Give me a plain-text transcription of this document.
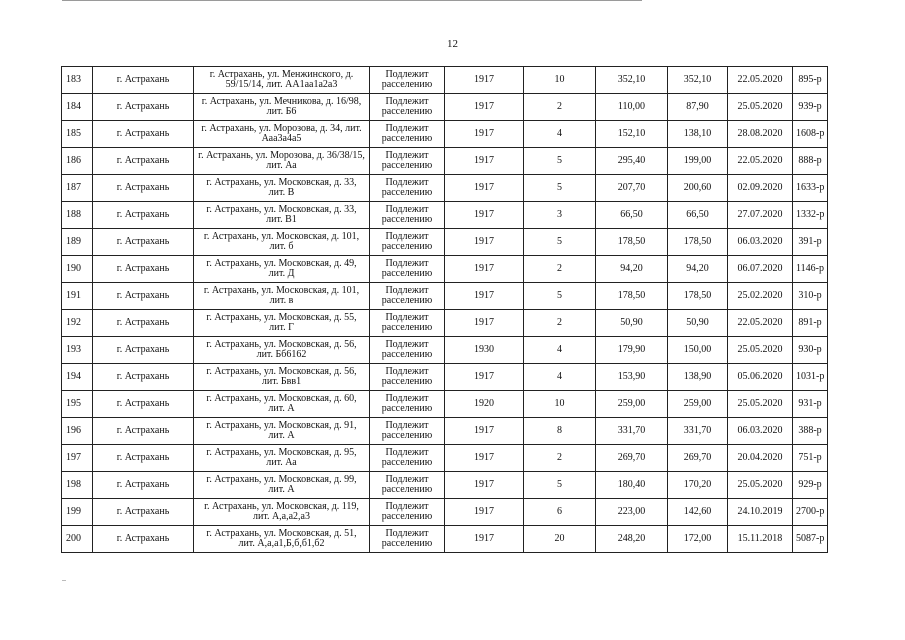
12
183	г. Астрахань	г. Астрахань, ул. Менжинского, д. 59/15/14, лит. АА1аа1а2а3	Подлежит расселению	1917	10	352,10	352,10	22.05.2020	895-р
184	г. Астрахань	г. Астрахань, ул. Мечникова, д. 16/98, лит. Б6	Подлежит расселению	1917	2	110,00	87,90	25.05.2020	939-р
185	г. Астрахань	г. Астрахань, ул. Морозова, д. 34, лит. Ааа3а4а5	Подлежит расселению	1917	4	152,10	138,10	28.08.2020	1608-р
186	г. Астрахань	г. Астрахань, ул. Морозова, д. 36/38/15, лит. Аа	Подлежит расселению	1917	5	295,40	199,00	22.05.2020	888-р
187	г. Астрахань	г. Астрахань, ул. Московская, д. 33, лит. В	Подлежит расселению	1917	5	207,70	200,60	02.09.2020	1633-р
188	г. Астрахань	г. Астрахань, ул. Московская, д. 33, лит. В1	Подлежит расселению	1917	3	66,50	66,50	27.07.2020	1332-р
189	г. Астрахань	г. Астрахань, ул. Московская, д. 101, лит. б	Подлежит расселению	1917	5	178,50	178,50	06.03.2020	391-р
190	г. Астрахань	г. Астрахань, ул. Московская, д. 49, лит. Д	Подлежит расселению	1917	2	94,20	94,20	06.07.2020	1146-р
191	г. Астрахань	г. Астрахань, ул. Московская, д. 101, лит. в	Подлежит расселению	1917	5	178,50	178,50	25.02.2020	310-р
192	г. Астрахань	г. Астрахань, ул. Московская, д. 55, лит. Г	Подлежит расселению	1917	2	50,90	50,90	22.05.2020	891-р
193	г. Астрахань	г. Астрахань, ул. Московская, д. 56, лит. Бб6162	Подлежит расселению	1930	4	179,90	150,00	25.05.2020	930-р
194	г. Астрахань	г. Астрахань, ул. Московская, д. 56, лит. Бвв1	Подлежит расселению	1917	4	153,90	138,90	05.06.2020	1031-р
195	г. Астрахань	г. Астрахань, ул. Московская, д. 60, лит. А	Подлежит расселению	1920	10	259,00	259,00	25.05.2020	931-р
196	г. Астрахань	г. Астрахань, ул. Московская, д. 91, лит. А	Подлежит расселению	1917	8	331,70	331,70	06.03.2020	388-р
197	г. Астрахань	г. Астрахань, ул. Московская, д. 95, лит. Аа	Подлежит расселению	1917	2	269,70	269,70	20.04.2020	751-р
198	г. Астрахань	г. Астрахань, ул. Московская, д. 99, лит. А	Подлежит расселению	1917	5	180,40	170,20	25.05.2020	929-р
199	г. Астрахань	г. Астрахань, ул. Московская, д. 119, лит. А,а,а2,а3	Подлежит расселению	1917	6	223,00	142,60	24.10.2019	2700-р
200	г. Астрахань	г. Астрахань, ул. Московская, д. 51, лит. А,а,а1,Б,б,б1,б2	Подлежит расселению	1917	20	248,20	172,00	15.11.2018	5087-р
